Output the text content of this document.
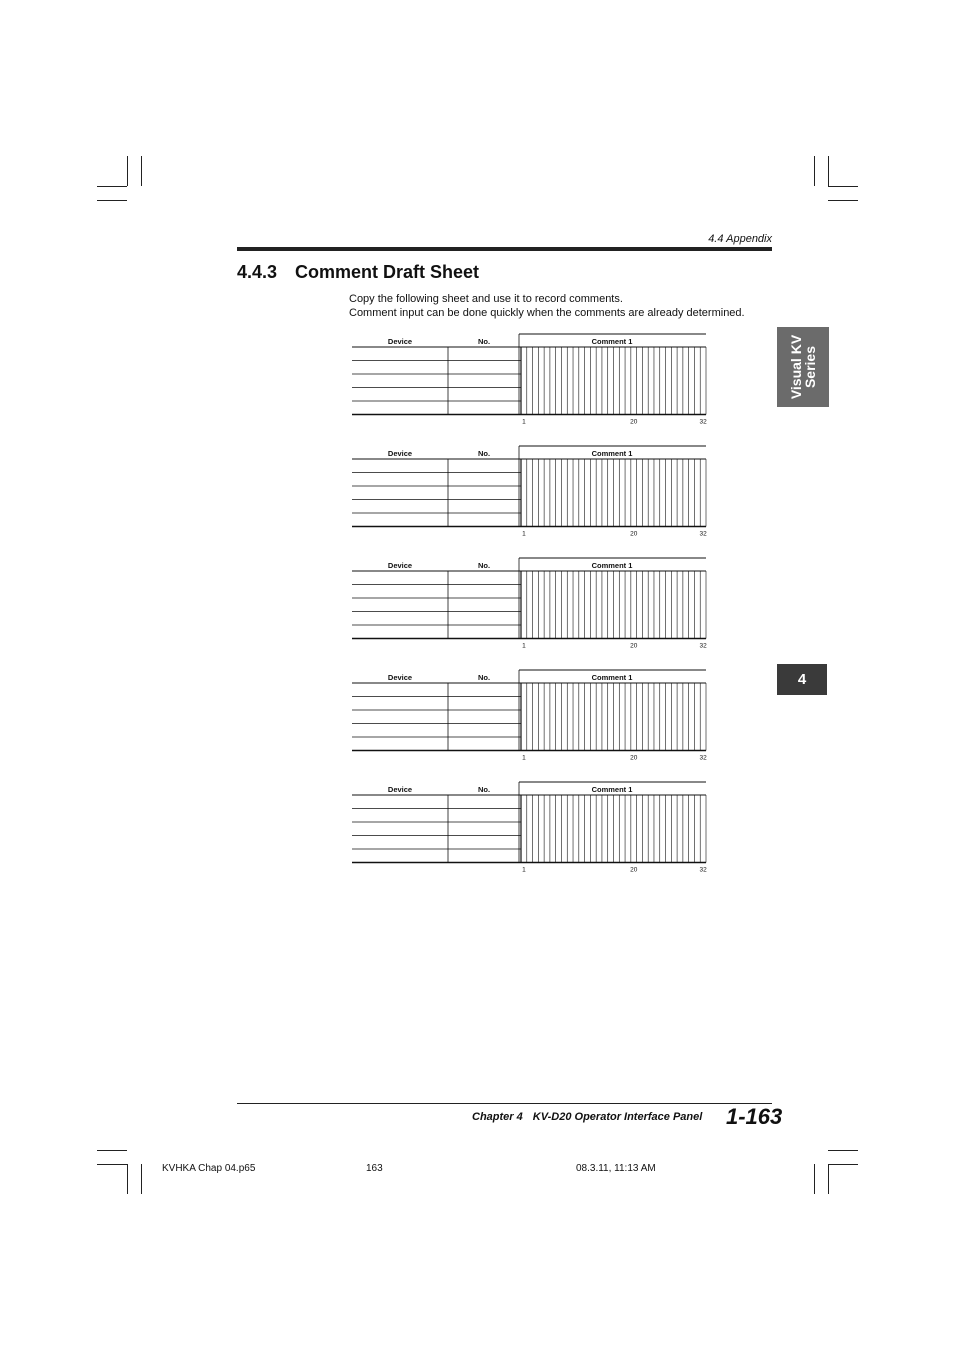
4.4 Appendix
4.4.3 Comment Draft Sheet
Copy the following sheet and use it to record comments.
Comment input can be done quickly when the comments are already determined.
Visual KV
Series
4
Device	No.	Comment 1
1	20	32
Device	No.	Comment 1
1	20	32
Device	No.	Comment 1
1	20	32
Device	No.	Comment 1
1	20	32
Device	No.	Comment 1
1	20	32
Chapter 4 KV-D20 Operator Interface Panel 1-163
KVHKA Chap 04.p65	163	08.3.11, 11:13 AM
